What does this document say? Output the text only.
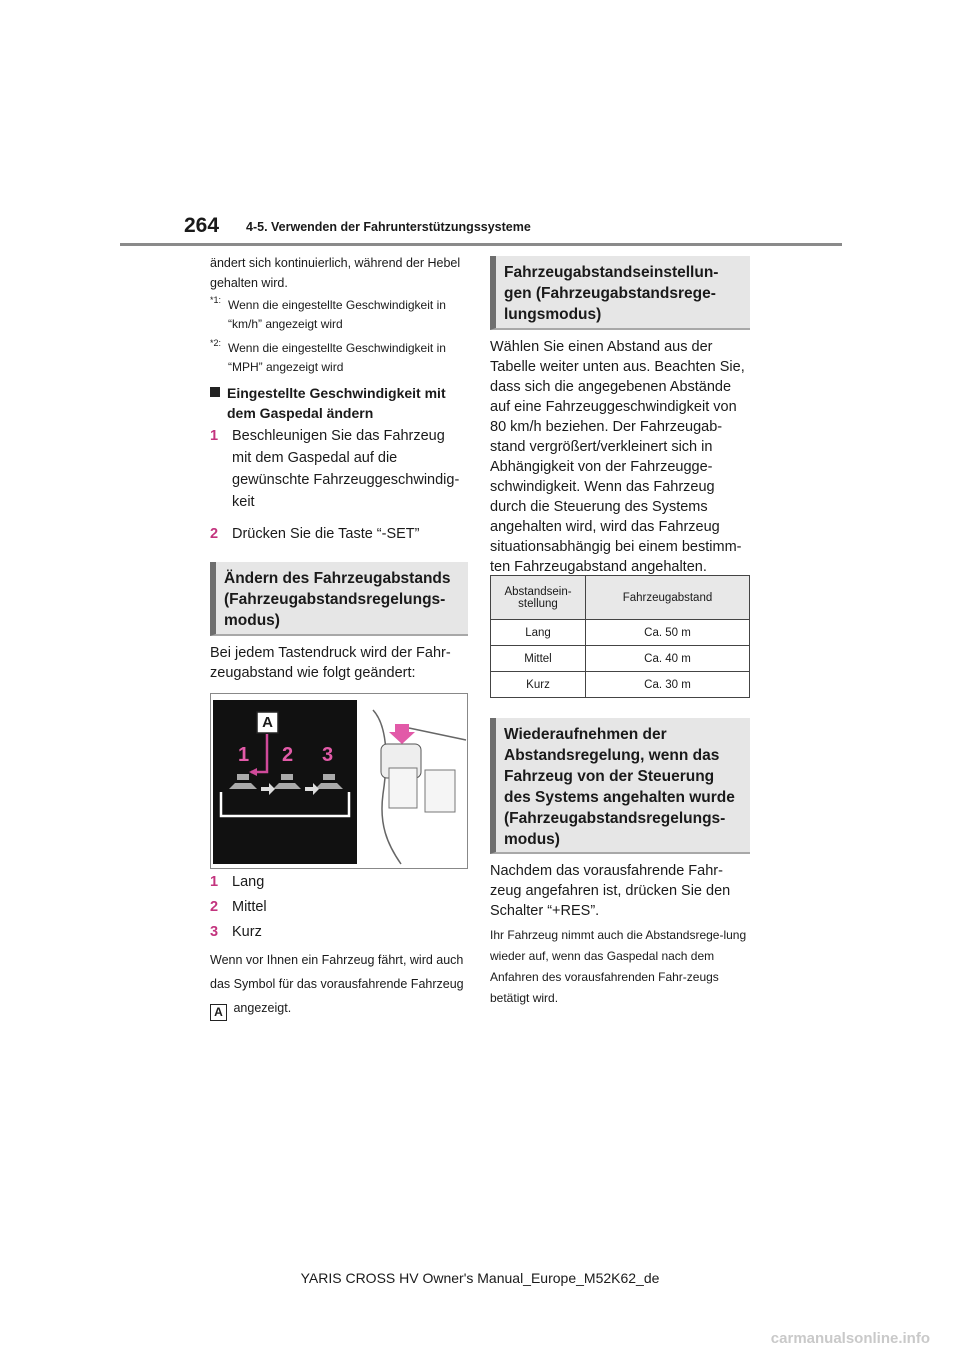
264 4-5. Verwenden der Fahrunterstützungssysteme
ändert sich kontinuierlich, während der Hebel gehalten wird.
*1: Wenn die eingestellte Geschwindigkeit in “km/h” angezeigt wird
*2: Wenn die eingestellte Geschwindigkeit in “MPH” angezeigt wird
Eingestellte Geschwindigkeit mit dem Gaspedal ändern
1 Beschleunigen Sie das Fahrzeug mit dem Gaspedal auf die gewünschte Fahrzeuggeschwindig-keit
2 Drücken Sie die Taste “-SET”
Ändern des Fahrzeugabstands (Fahrzeugabstandsregelungs-modus)
Bei jedem Tastendruck wird der Fahr-zeugabstand wie folgt geändert:
A
1 2 3
1 Lang
2 Mittel
3 Kurz
Wenn vor Ihnen ein Fahrzeug fährt, wird auch das Symbol für das vorausfahrende Fahrzeug A angezeigt.
Fahrzeugabstandseinstellun-gen (Fahrzeugabstandsrege-lungsmodus)
Wählen Sie einen Abstand aus der Tabelle weiter unten aus. Beachten Sie, dass sich die angegebenen Abstände auf eine Fahrzeuggeschwindigkeit von 80 km/h beziehen. Der Fahrzeugab-stand vergrößert/verkleinert sich in Abhängigkeit von der Fahrzeugge-schwindigkeit. Wenn das Fahrzeug durch die Steuerung des Systems angehalten wird, wird das Fahrzeug situationsabhängig bei einem bestimm-ten Fahrzeugabstand angehalten.
Abstandsein-stellung	Fahrzeugabstand
Lang	Ca. 50 m
Mittel	Ca. 40 m
Kurz	Ca. 30 m
Wiederaufnehmen der Abstandsregelung, wenn das Fahrzeug von der Steuerung des Systems angehalten wurde (Fahrzeugabstandsregelungs-modus)
Nachdem das vorausfahrende Fahr-zeug angefahren ist, drücken Sie den Schalter “+RES”.
Ihr Fahrzeug nimmt auch die Abstandsrege-lung wieder auf, wenn das Gaspedal nach dem Anfahren des vorausfahrenden Fahr-zeugs betätigt wird.
YARIS CROSS HV Owner's Manual_Europe_M52K62_de
carmanualsonline.info
